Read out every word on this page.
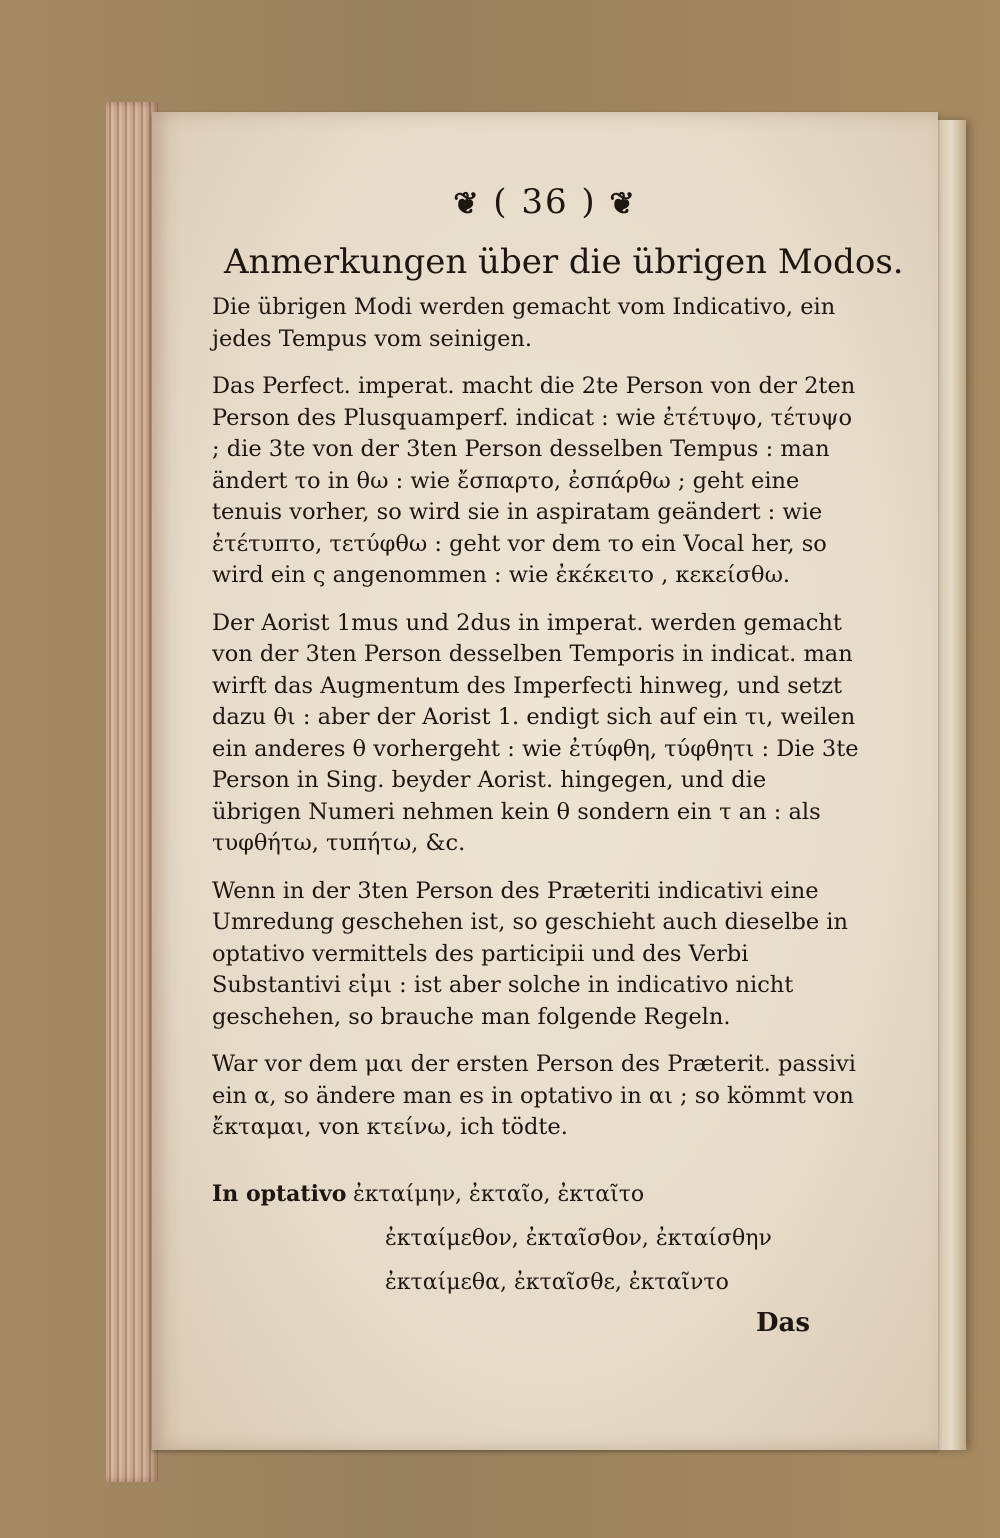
❦ ( 36 ) ❦
Anmerkungen über die übrigen Modos.

Die übrigen Modi werden gemacht vom Indicativo, ein jedes Tempus vom seinigen.

Das Perfect. imperat. macht die 2te Person von der 2ten Person des Plusquamperf. indicat : wie ἐτέτυψο, τέτυψο ; die 3te von der 3ten Person desselben Tempus : man ändert το in θω : wie ἔσπαρτο, ἐσπάρθω ; geht eine tenuis vorher, so wird sie in aspiratam geändert : wie ἐτέτυπτο, τετύφθω : geht vor dem το ein Vocal her, so wird ein ς angenommen : wie ἐκέκειτο , κεκείσθω.

Der Aorist 1mus und 2dus in imperat. werden gemacht von der 3ten Person desselben Temporis in indicat. man wirft das Augmentum des Imperfecti hinweg, und setzt dazu θι : aber der Aorist 1. endigt sich auf ein τι, weilen ein anderes θ vorhergeht : wie ἐτύφθη, τύφθητι : Die 3te Person in Sing. beyder Aorist. hingegen, und die übrigen Numeri nehmen kein θ sondern ein τ an : als τυφθήτω, τυπήτω, &c.

Wenn in der 3ten Person des Præteriti indicativi eine Umredung geschehen ist, so geschieht auch dieselbe in optativo vermittels des participii und des Verbi Substantivi εἰμι : ist aber solche in indicativo nicht geschehen, so brauche man folgende Regeln.

War vor dem μαι der ersten Person des Præterit. passivi ein α, so ändere man es in optativo in αι ; so kömmt von ἔκταμαι, von κτείνω, ich tödte.

In optativo ἐκταίμην, ἐκταῖο, ἐκταῖτο
ἐκταίμεθον, ἐκταῖσθον, ἐκταίσθην
ἐκταίμεθα, ἐκταῖσθε, ἐκταῖντο
Das
